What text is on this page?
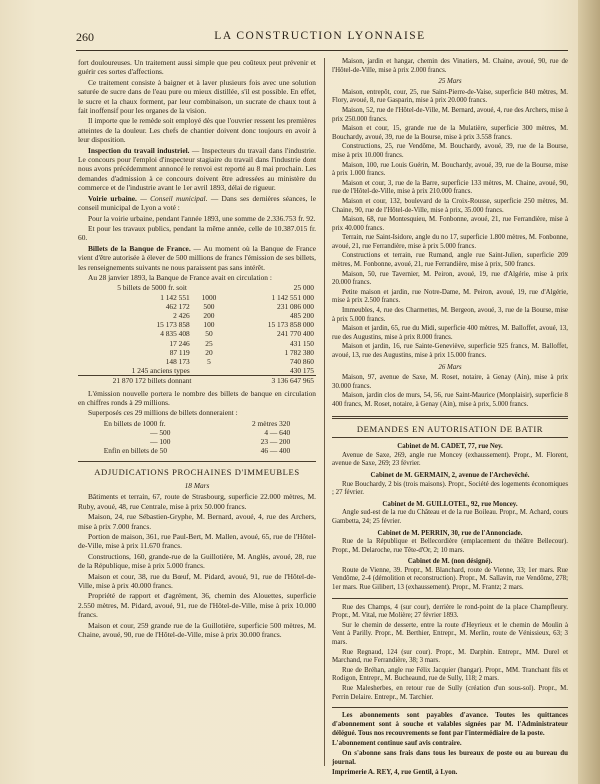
260	LA CONSTRUCTION LYONNAISE

fort douloureuses. Un traitement aussi simple que peu coûteux peut prévenir et guérir ces sortes d'affections.

Ce traitement consiste à baigner et à laver plusieurs fois avec une solution saturée de sucre dans de l'eau pure ou mieux distillée, s'il est possible. En effet, le sucre et la chaux forment, par leur combinaison, un sucrate de chaux tout à fait inoffensif pour les organes de la vision.

Il importe que le remède soit employé dès que l'ouvrier ressent les premières atteintes de la douleur. Les chefs de chantier doivent donc toujours en avoir à leur disposition.

Inspection du travail industriel. — Inspecteurs du travail dans l'industrie. Le concours pour l'emploi d'inspecteur stagiaire du travail dans l'industrie dont nous avons précédemment annoncé le renvoi est reporté au 8 mai prochain. Les demandes d'admission à ce concours doivent être adressées au ministère du commerce et de l'industrie avant le 1er avril 1893, délai de rigueur.

Voirie urbaine. — Conseil municipal. — Dans ses dernières séances, le conseil municipal de Lyon a voté :

Pour la voirie urbaine, pendant l'année 1893, une somme de 2.336.753 fr. 92.

Et pour les travaux publics, pendant la même année, celle de 10.387.015 fr. 60.

Billets de la Banque de France. — Au moment où la Banque de France vient d'être autorisée à élever de 500 millions de francs l'émission de ses billets, les renseignements suivants ne nous paraissent pas sans intérêt.

Au 28 janvier 1893, la Banque de France avait en circulation :

5 billets de 5000 fr. soit		25 000
1 142 551	1000	1 142 551 000
462 172	500	231 086 000
2 426	200	485 200
15 173 858	100	15 173 858 000
4 835 408	50	241 770 400
17 246	25	431 150
87 119	20	1 782 380
148 173	5	740 860
1 245 anciens types		430 175
21 870 172 billets donnant		3 136 647 965

L'émission nouvelle portera le nombre des billets de banque en circulation en chiffres ronds à 29 millions.

Superposés ces 29 millions de billets donneraient :

En billets de 1000 fr.	2 mètres 320
— 500	4 — 640
— 100	23 — 200
Enfin en billets de 50	46 — 400
ADJUDICATIONS PROCHAINES D'IMMEUBLES
18 Mars

Bâtiments et terrain, 67, route de Strasbourg, superficie 22.000 mètres, M. Ruby, avoué, 48, rue Centrale, mise à prix 50.000 francs.

Maison, 24, rue Sébastien-Gryphe, M. Bernard, avoué, 4, rue des Archers, mise à prix 7.000 francs.

Portion de maison, 361, rue Paul-Bert, M. Mallen, avoué, 65, rue de l'Hôtel-de-Ville, mise à prix 11.670 francs.

Constructions, 160, grande-rue de la Guillotière, M. Anglès, avoué, 28, rue de la République, mise à prix 5.000 francs.

Maison et cour, 38, rue du Bœuf, M. Pidard, avoué, 91, rue de l'Hôtel-de-Ville, mise à prix 40.000 francs.

Propriété de rapport et d'agrément, 36, chemin des Alouettes, superficie 2.550 mètres, M. Pidard, avoué, 91, rue de l'Hôtel-de-Ville, mise à prix 10.000 francs.

Maison et cour, 259 grande rue de la Guillotière, superficie 500 mètres, M. Chaine, avoué, 90, rue de l'Hôtel-de-Ville, mise à prix 30.000 francs.

Maison, jardin et hangar, chemin des Vinatiers, M. Chaine, avoué, 90, rue de l'Hôtel-de-Ville, mise à prix 2.000 francs.

25 Mars

Maison, entrepôt, cour, 25, rue Saint-Pierre-de-Vaise, superficie 840 mètres, M. Flory, avoué, 8, rue Gasparin, mise à prix 20.000 francs.

Maison, 52, rue de l'Hôtel-de-Ville, M. Bernard, avoué, 4, rue des Archers, mise à prix 250.000 francs.

Maison et cour, 15, grande rue de la Mulatière, superficie 300 mètres, M. Bouchardy, avoué, 39, rue de la Bourse, mise à prix 3.558 francs.

Constructions, 25, rue Vendôme, M. Bouchardy, avoué, 39, rue de la Bourse, mise à prix 10.000 francs.

Maison, 100, rue Louis Guérin, M. Bouchardy, avoué, 39, rue de la Bourse, mise à prix 1.000 francs.

Maison et cour, 3, rue de la Barre, superficie 133 mètres, M. Chaine, avoué, 90, rue de l'Hôtel-de-Ville, mise à prix 210.000 francs.

Maison et cour, 132, boulevard de la Croix-Rousse, superficie 250 mètres, M. Chaine, 90, rue de l'Hôtel-de-Ville, mise à prix, 35.000 francs.

Maison, 68, rue Montesquieu, M. Fonbonne, avoué, 21, rue Ferrandière, mise à prix 40.000 francs.

Terrain, rue Saint-Isidore, angle du no 17, superficie 1.800 mètres, M. Fonbonne, avoué, 21, rue Ferrandière, mise à prix 5.000 francs.

Constructions et terrain, rue Rumand, angle rue Saint-Julien, superficie 209 mètres, M. Fonbonne, avoué, 21, rue Ferrandière, mise à prix, 500 francs.

Maison, 50, rue Tavernier, M. Peiron, avoué, 19, rue d'Algérie, mise à prix 20.000 francs.

Petite maison et jardin, rue Notre-Dame, M. Peiron, avoué, 19, rue d'Algérie, mise à prix 2.500 francs.

Immeubles, 4, rue des Charmettes, M. Bergeon, avoué, 3, rue de la Bourse, mise à prix 5.000 francs.

Maison et jardin, 65, rue du Midi, superficie 400 mètres, M. Balloffet, avoué, 13, rue des Augustins, mise à prix 8.000 francs.

Maison et jardin, 16, rue Sainte-Geneviève, superficie 925 francs, M. Balloffet, avoué, 13, rue des Augustins, mise à prix 15.000 francs.

26 Mars

Maison, 97, avenue de Saxe, M. Roset, notaire, à Genay (Ain), mise à prix 30.000 francs.

Maison, jardin clos de murs, 54, 56, rue Saint-Maurice (Monplaisir), superficie 8 400 francs, M. Roset, notaire, à Genay (Ain), mise à prix, 5.000 francs.

DEMANDES EN AUTORISATION DE BATIR
Cabinet de M. CADET, 77, rue Ney.

Avenue de Saxe, 269, angle rue Moncey (exhaussement). Propr., M. Florent, avenue de Saxe, 269; 23 février.

Cabinet de M. GERMAIN, 2, avenue de l'Archevêché.

Rue Bouchardy, 2 bis (trois maisons). Propr., Société des logements économiques ; 27 février.

Cabinet de M. GUILLOTEL, 92, rue Moncey.

Angle sud-est de la rue du Château et de la rue Boileau. Propr., M. Achard, cours Gambetta, 24; 25 février.

Cabinet de M. PERRIN, 30, rue de l'Annonciade.

Rue de la République et Bellecordière (emplacement du théâtre Bellecour). Propr., M. Delaroche, rue Tête-d'Or, 2; 10 mars.

Cabinet de M. (non désigné).

Route de Vienne, 39. Propr., M. Blanchard, route de Vienne, 33; 1er mars. Rue Vendôme, 2-4 (démolition et reconstruction). Propr., M. Sallavin, rue Vendôme, 278; 1er mars. Rue Gilibert, 13 (exhaussement). Propr., M. Frantz; 2 mars.

Rue des Champs, 4 (sur cour), derrière le rond-point de la place Champfleury. Propr., M. Vital, rue Molière; 27 février 1893.

Sur le chemin de desserte, entre la route d'Heyrieux et le chemin de Moulin à Vent à Parilly. Propr., M. Berthier, Entrepr., M. Merlin, route de Vénissieux, 63; 3 mars.

Rue Regnaud, 124 (sur cour). Propr., M. Darphin. Entrepr., MM. Durel et Marchand, rue Ferrandière, 38; 3 mars.

Rue de Bréhan, angle rue Félix Jacquier (hangar). Propr., MM. Tranchant fils et Rodigon, Entrepr., M. Bucheaund, rue de Sully, 118; 2 mars.

Rue Malesherbes, en retour rue de Sully (création d'un sous-sol). Propr., M. Perrin Delaire. Entrepr., M. Tarchier.

Les abonnements sont payables d'avance. Toutes les quittances d'abonnement sont à souche et valables signées par M. l'Administrateur délégué. Tous nos recouvrements se font par l'intermédiaire de la poste.

L'abonnement continue sauf avis contraire.

On s'abonne sans frais dans tous les bureaux de poste ou au bureau du journal.

Imprimerie A. REY, 4, rue Gentil, à Lyon.
